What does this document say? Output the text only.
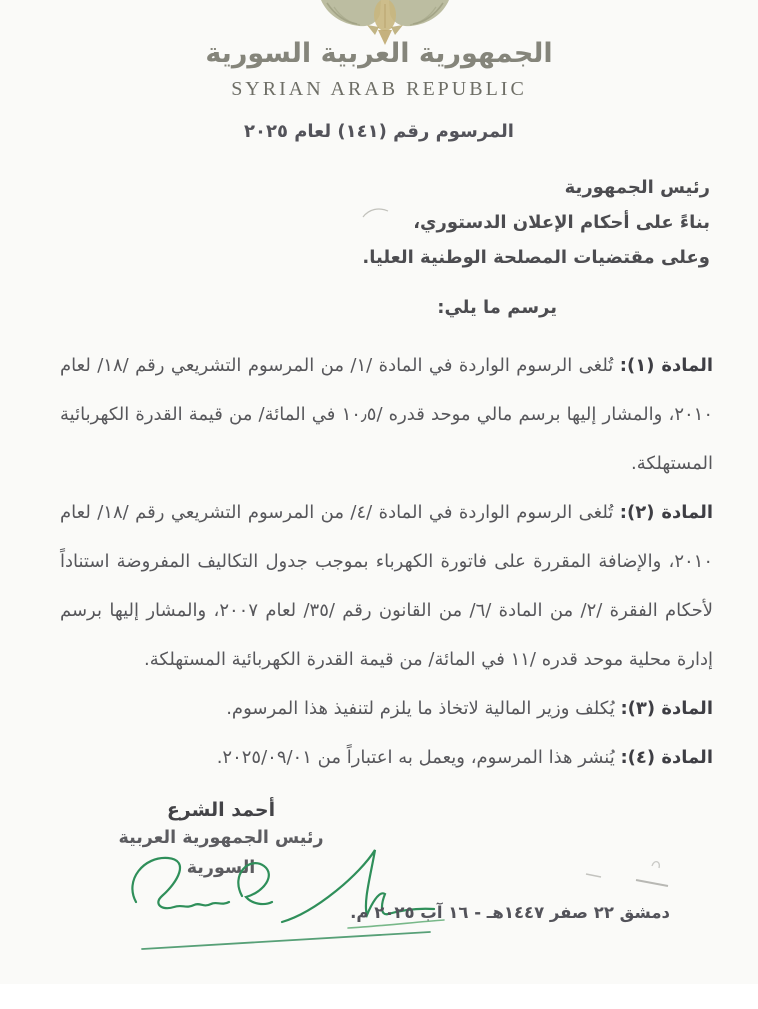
الجمهورية العربية السورية
SYRIAN ARAB REPUBLIC
المرسوم رقم (١٤١) لعام ٢٠٢٥
رئيس الجمهورية
بناءً على أحكام الإعلان الدستوري،
وعلى مقتضيات المصلحة الوطنية العليا.
يرسم ما يلي:
المادة (١): تُلغى الرسوم الواردة في المادة /١/ من المرسوم التشريعي رقم /١٨/ لعام
٢٠١٠، والمشار إليها برسم مالي موحد قدره /١٠٫٥ في المائة/ من قيمة القدرة الكهربائية
المستهلكة.
المادة (٢): تُلغى الرسوم الواردة في المادة /٤/ من المرسوم التشريعي رقم /١٨/ لعام
٢٠١٠، والإضافة المقررة على فاتورة الكهرباء بموجب جدول التكاليف المفروضة استناداً
لأحكام الفقرة /٢/ من المادة /٦/ من القانون رقم /٣٥/ لعام ٢٠٠٧، والمشار إليها برسم
إدارة محلية موحد قدره /١١ في المائة/ من قيمة القدرة الكهربائية المستهلكة.
المادة (٣): يُكلف وزير المالية لاتخاذ ما يلزم لتنفيذ هذا المرسوم.
المادة (٤): يُنشر هذا المرسوم، ويعمل به اعتباراً من ٢٠٢٥/٠٩/٠١.
أحمد الشرع
رئيس الجمهورية العربية السورية
دمشق ٢٢ صفر ١٤٤٧هـ - ١٦ آب ٢٠٢٥ م.
